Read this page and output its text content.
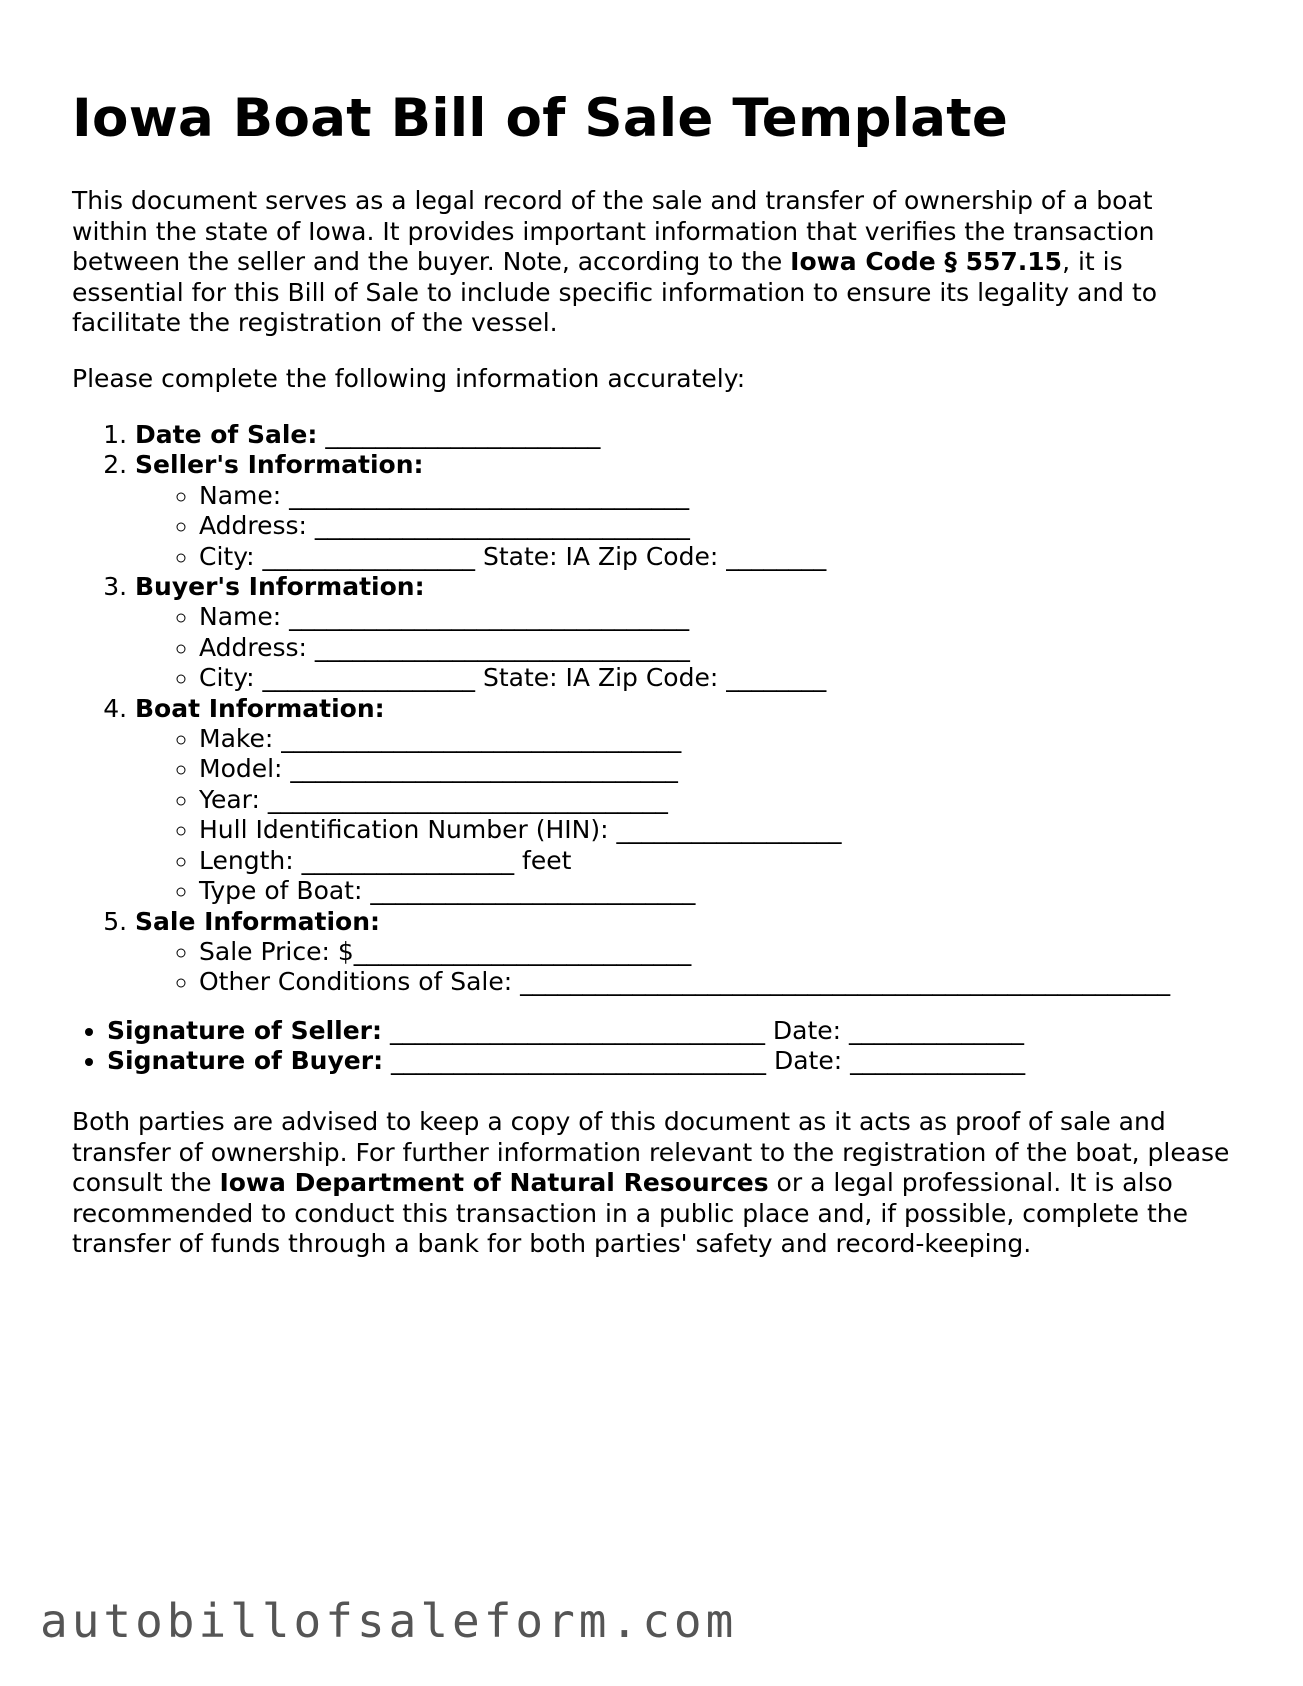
Iowa Boat Bill of Sale Template

This document serves as a legal record of the sale and transfer of ownership of a boat within the state of Iowa. It provides important information that verifies the transaction between the seller and the buyer. Note, according to the Iowa Code § 557.15, it is essential for this Bill of Sale to include specific information to ensure its legality and to facilitate the registration of the vessel.

Please complete the following information accurately:

1. Date of Sale: ______________________
2. Seller's Information:
◦ Name: ________________________________
◦ Address: ______________________________
◦ City: _________________ State: IA Zip Code: ________
3. Buyer's Information:
◦ Name: ________________________________
◦ Address: ______________________________
◦ City: _________________ State: IA Zip Code: ________
4. Boat Information:
◦ Make: ________________________________
◦ Model: _______________________________
◦ Year: ________________________________
◦ Hull Identification Number (HIN): __________________
◦ Length: _________________ feet
◦ Type of Boat: __________________________
5. Sale Information:
◦ Sale Price: $___________________________
◦ Other Conditions of Sale: ____________________________________________________
• Signature of Seller: ______________________________ Date: ______________
• Signature of Buyer: ______________________________ Date: ______________

Both parties are advised to keep a copy of this document as it acts as proof of sale and transfer of ownership. For further information relevant to the registration of the boat, please consult the Iowa Department of Natural Resources or a legal professional. It is also recommended to conduct this transaction in a public place and, if possible, complete the transfer of funds through a bank for both parties' safety and record-keeping.

autobillofsaleform.com
